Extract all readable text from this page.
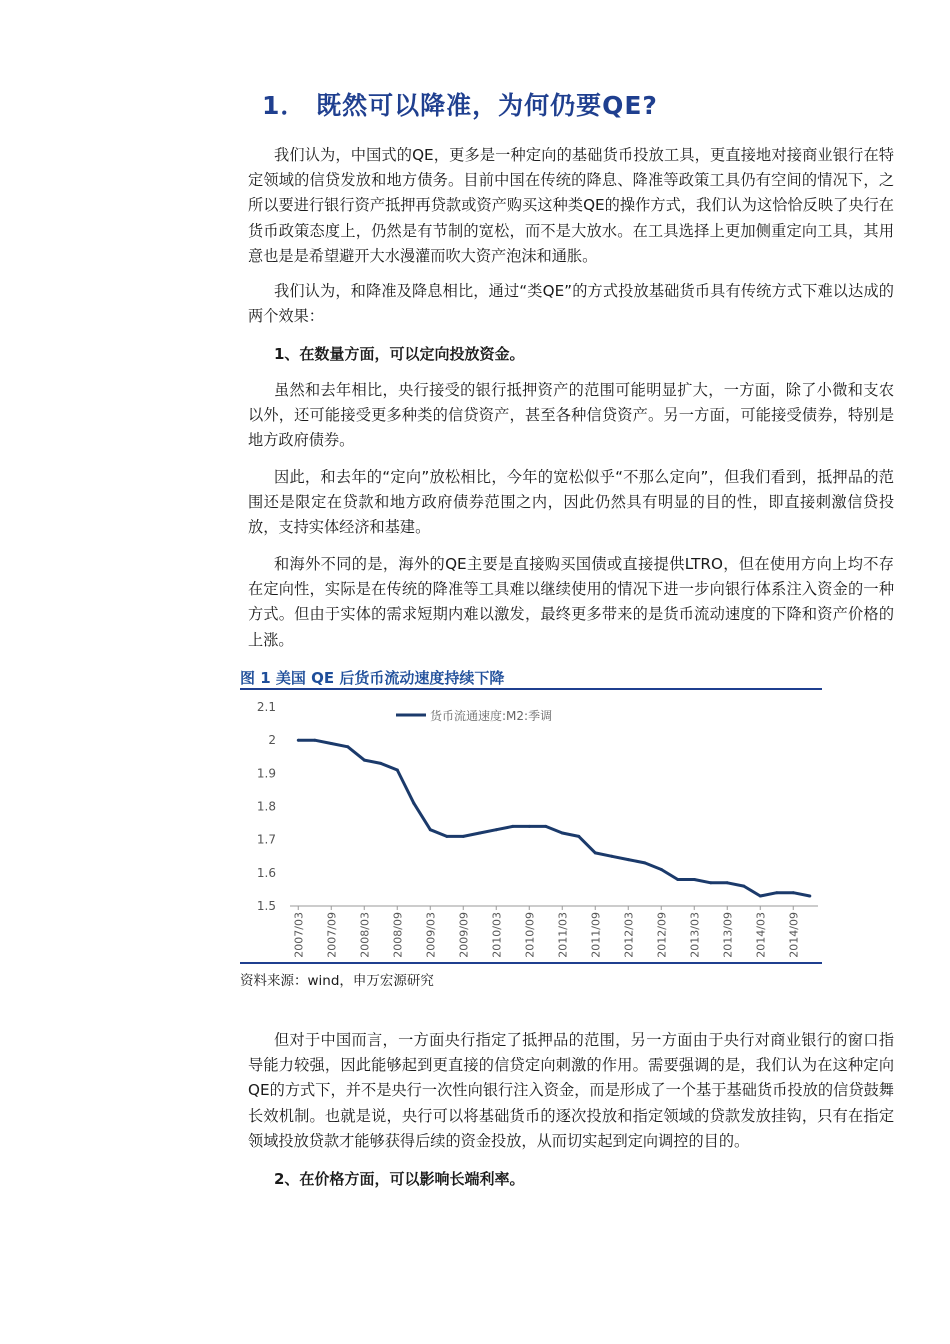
1． 既然可以降准，为何仍要QE?

我们认为，中国式的QE，更多是一种定向的基础货币投放工具，更直接地对接商业银行在特定领域的信贷发放和地方债务。目前中国在传统的降息、降准等政策工具仍有空间的情况下，之所以要进行银行资产抵押再贷款或资产购买这种类QE的操作方式，我们认为这恰恰反映了央行在货币政策态度上，仍然是有节制的宽松，而不是大放水。在工具选择上更加侧重定向工具，其用意也是是希望避开大水漫灌而吹大资产泡沫和通胀。

我们认为，和降准及降息相比，通过“类QE”的方式投放基础货币具有传统方式下难以达成的两个效果：

1、在数量方面，可以定向投放资金。

虽然和去年相比，央行接受的银行抵押资产的范围可能明显扩大，一方面，除了小微和支农以外，还可能接受更多种类的信贷资产，甚至各种信贷资产。另一方面，可能接受债券，特别是地方政府债券。

因此，和去年的“定向”放松相比，今年的宽松似乎“不那么定向”，但我们看到，抵押品的范围还是限定在贷款和地方政府债券范围之内，因此仍然具有明显的目的性，即直接刺激信贷投放，支持实体经济和基建。

和海外不同的是，海外的QE主要是直接购买国债或直接提供LTRO，但在使用方向上均不存在定向性，实际是在传统的降准等工具难以继续使用的情况下进一步向银行体系注入资金的一种方式。但由于实体的需求短期内难以激发，最终更多带来的是货币流动速度的下降和资产价格的上涨。

图 1 美国 QE 后货币流动速度持续下降
货币流通速度:M2:季调
2.1
2
1.9
1.8
1.7
1.6
1.5
2007/03 2007/09 2008/03 2008/09 2009/03 2009/09 2010/03 2010/09 2011/03 2011/09 2012/03 2012/09 2013/03 2013/09 2014/03 2014/09
资料来源：wind，申万宏源研究

但对于中国而言，一方面央行指定了抵押品的范围，另一方面由于央行对商业银行的窗口指导能力较强，因此能够起到更直接的信贷定向刺激的作用。需要强调的是，我们认为在这种定向QE的方式下，并不是央行一次性向银行注入资金，而是形成了一个基于基础货币投放的信贷鼓舞长效机制。也就是说，央行可以将基础货币的逐次投放和指定领域的贷款发放挂钩，只有在指定领域投放贷款才能够获得后续的资金投放，从而切实起到定向调控的目的。

2、在价格方面，可以影响长端利率。
